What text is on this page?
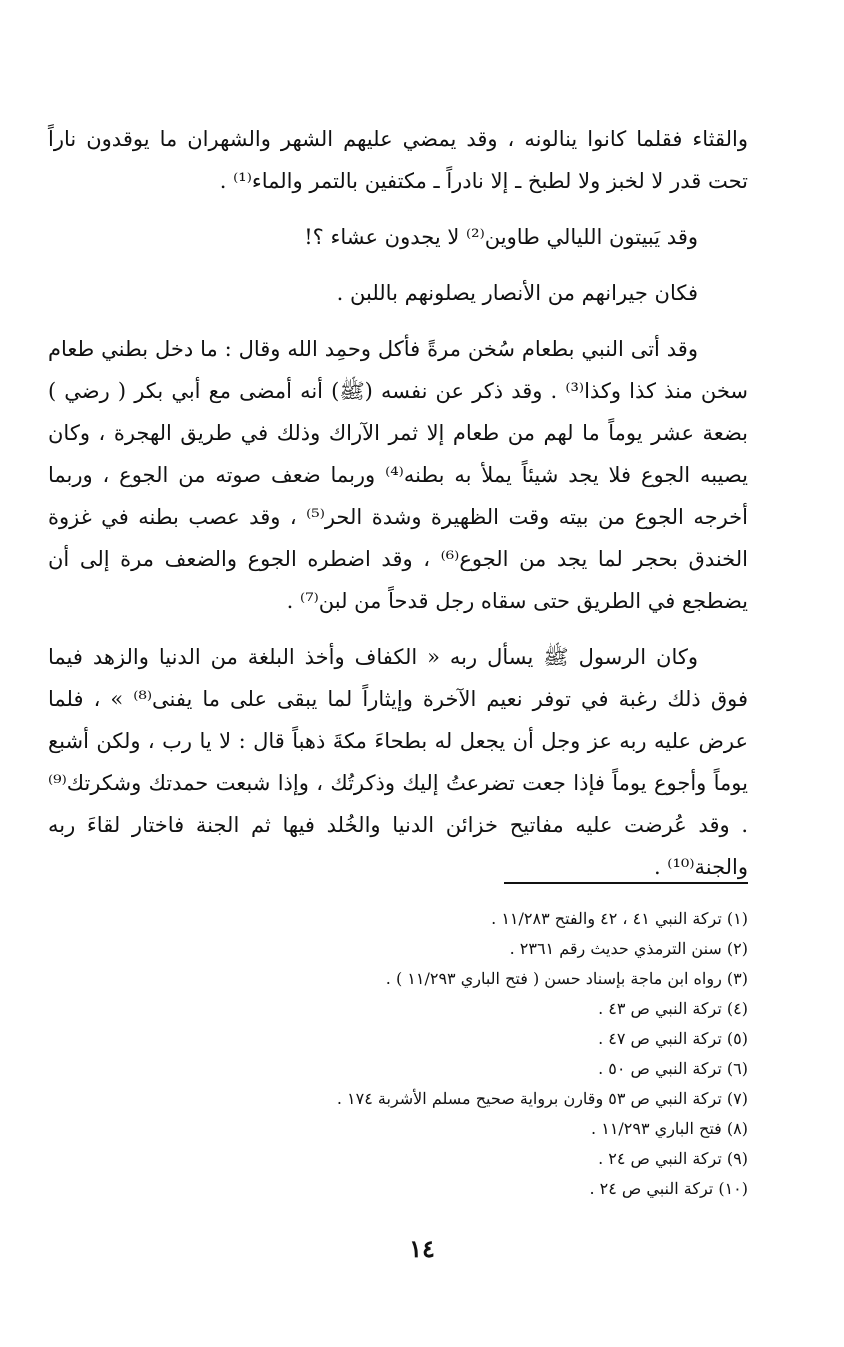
والقثاء فقلما كانوا ينالونه ، وقد يمضي عليهم الشهر والشهران ما يوقدون ناراً تحت قدر لا لخبز ولا لطبخ ـ إلا نادراً ـ مكتفين بالتمر والماء⁽¹⁾ .

وقد يَبيتون الليالي طاوين⁽²⁾ لا يجدون عشاء ؟!

فكان جيرانهم من الأنصار يصلونهم باللبن .

وقد أتى النبي بطعام سُخن مرةً فأكل وحمِد الله وقال : ما دخل بطني طعام سخن منذ كذا وكذا⁽³⁾ . وقد ذكر عن نفسه (ﷺ) أنه أمضى مع أبي بكر ( رضي ) بضعة عشر يوماً ما لهم من طعام إلا ثمر الآراك وذلك في طريق الهجرة ، وكان يصيبه الجوع فلا يجد شيئاً يملأ به بطنه⁽⁴⁾ وربما ضعف صوته من الجوع ، وربما أخرجه الجوع من بيته وقت الظهيرة وشدة الحر⁽⁵⁾ ، وقد عصب بطنه في غزوة الخندق بحجر لما يجد من الجوع⁽⁶⁾ ، وقد اضطره الجوع والضعف مرة إلى أن يضطجع في الطريق حتى سقاه رجل قدحاً من لبن⁽⁷⁾ .

وكان الرسول ﷺ يسأل ربه « الكفاف وأخذ البلغة من الدنيا والزهد فيما فوق ذلك رغبة في توفر نعيم الآخرة وإيثاراً لما يبقى على ما يفنى⁽⁸⁾ » ، فلما عرض عليه ربه عز وجل أن يجعل له بطحاءَ مكةَ ذهباً قال : لا يا رب ، ولكن أشبع يوماً وأجوع يوماً فإذا جعت تضرعتُ إليك وذكرتُك ، وإذا شبعت حمدتك وشكرتك⁽⁹⁾ . وقد عُرضت عليه مفاتيح خزائن الدنيا والخُلد فيها ثم الجنة فاختار لقاءَ ربه والجنة⁽¹⁰⁾ .

(١) تركة النبي ٤١ ، ٤٢ والفتح ١١/٢٨٣ .

(٢) سنن الترمذي حديث رقم ٢٣٦١ .

(٣) رواه ابن ماجة بإسناد حسن ( فتح الباري ١١/٢٩٣ ) .

(٤) تركة النبي ص ٤٣ .

(٥) تركة النبي ص ٤٧ .

(٦) تركة النبي ص ٥٠ .

(٧) تركة النبي ص ٥٣ وقارن برواية صحيح مسلم الأشربة ١٧٤ .

(٨) فتح الباري ١١/٢٩٣ .

(٩) تركة النبي ص ٢٤ .

(١٠) تركة النبي ص ٢٤ .

١٤
